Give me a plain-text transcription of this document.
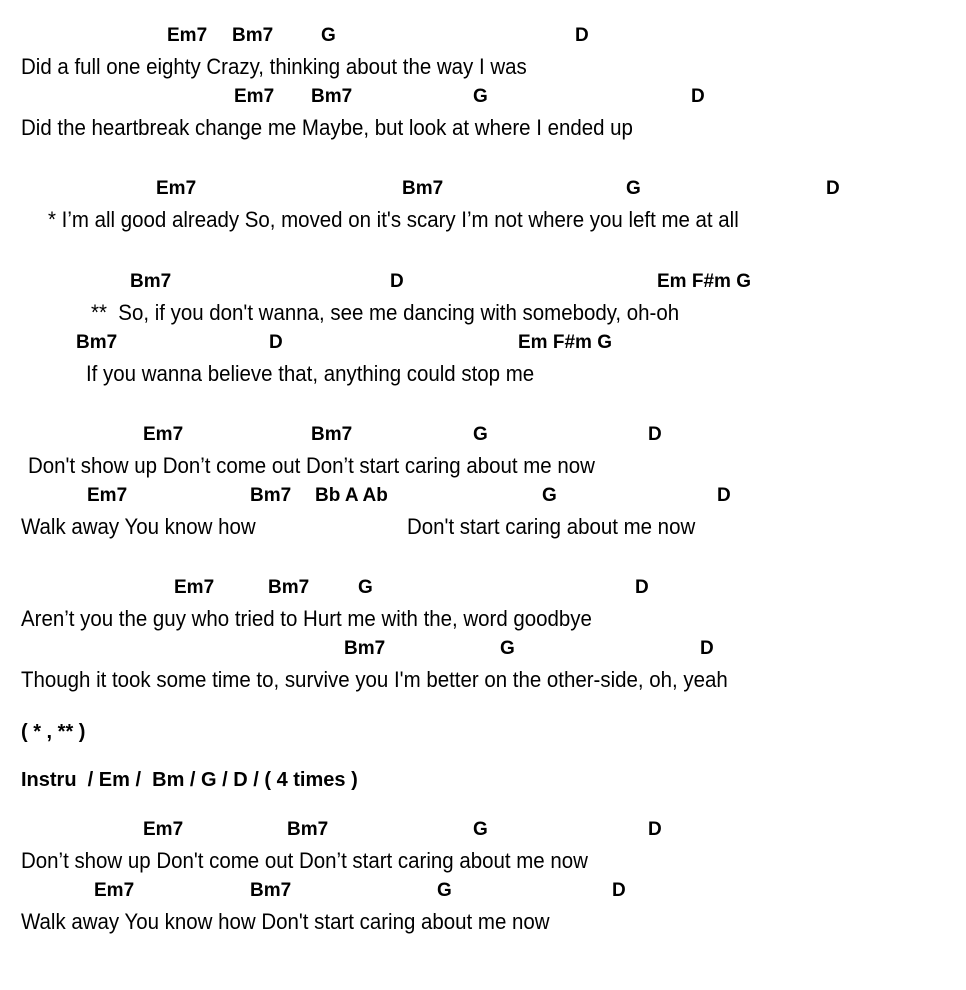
Em7 Bm7	G	D
Did a full one eighty Crazy, thinking about the way I was
Em7 Bm7	G	D
Did the heartbreak change me Maybe, but look at where I ended up
Em7	Bm7	G	D
* I’m all good already So, moved on it's scary I’m not where you left me at all
Bm7	D	Em F#m G
**  So, if you don't wanna, see me dancing with somebody, oh-oh
Bm7	D	Em F#m G
If you wanna believe that, anything could stop me
Em7	Bm7	G	D
Don't show up Don’t come out Don’t start caring about me now
Em7	Bm7 Bb A Ab	G	D
Walk away You know how	Don't start caring about me now
Em7	Bm7	G	D
Aren’t you the guy who tried to Hurt me with the, word goodbye
Bm7	G	D
Though it took some time to, survive you I'm better on the other-side, oh, yeah
( * , ** )
Instru  / Em /  Bm / G / D / ( 4 times )
Em7	Bm7	G	D
Don’t show up Don't come out Don’t start caring about me now
Em7	Bm7	G	D
Walk away You know how Don't start caring about me now
